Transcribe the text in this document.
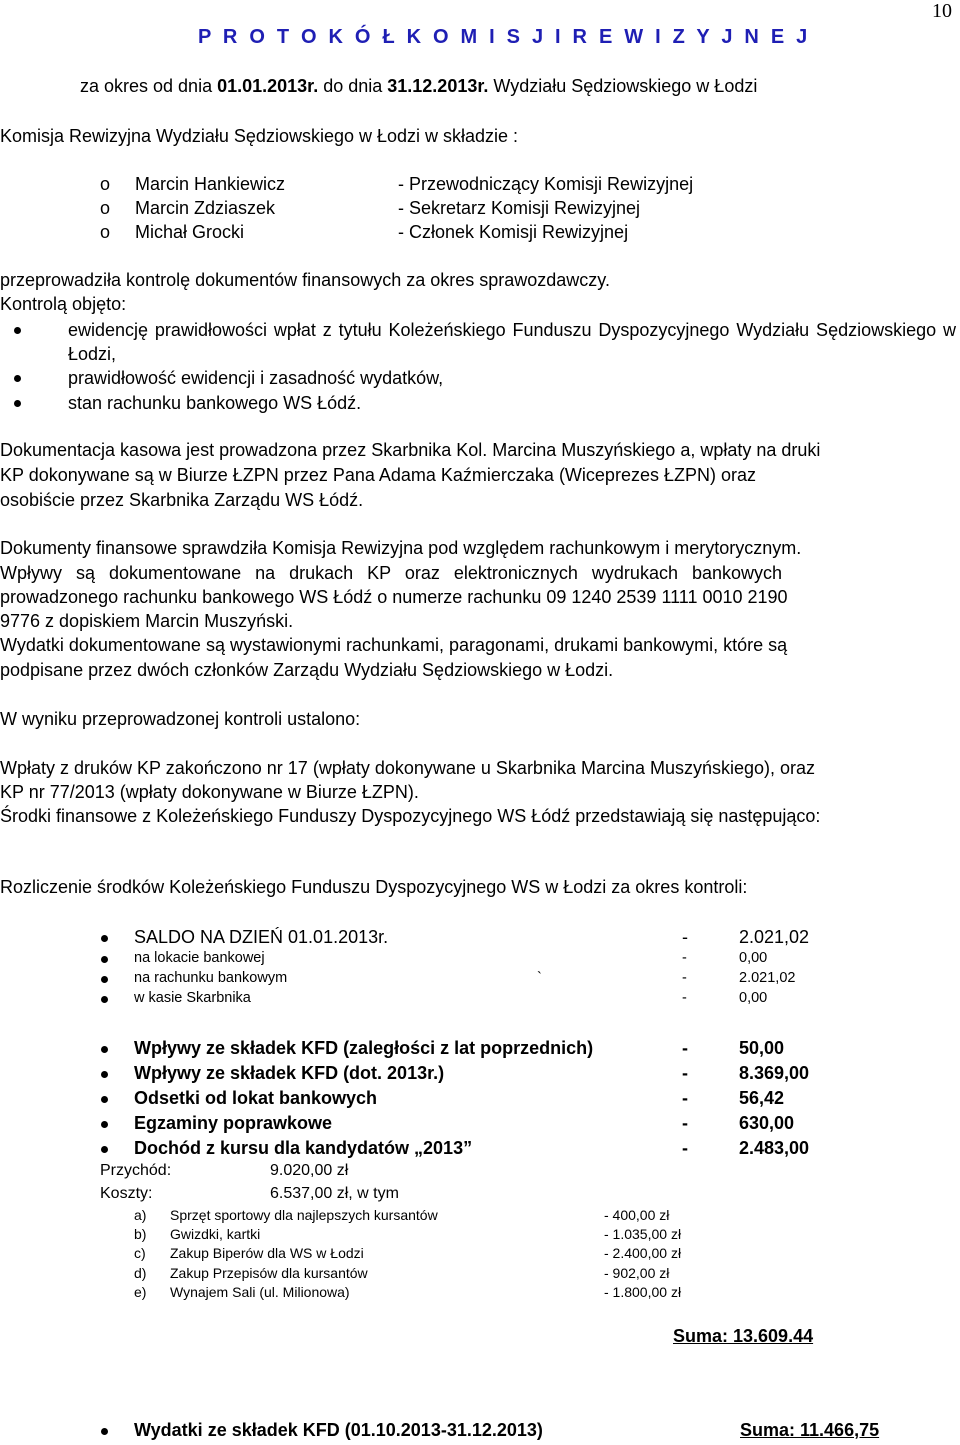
10
P R O T O K Ó Ł K O M I S J I R E W I Z Y J N E J
za okres od dnia 01.01.2013r. do dnia 31.12.2013r. Wydziału Sędziowskiego w Łodzi
Komisja Rewizyjna Wydziału Sędziowskiego w Łodzi w składzie :
o Marcin Hankiewicz	- Przewodniczący Komisji Rewizyjnej
o Marcin Zdziaszek	- Sekretarz Komisji Rewizyjnej
o Michał Grocki	- Członek Komisji Rewizyjnej
przeprowadziła kontrolę dokumentów finansowych za okres sprawozdawczy.
Kontrolą objęto:
ewidencję prawidłowości wpłat z tytułu Koleżeńskiego Funduszu Dyspozycyjnego Wydziału Sędziowskiego w Łodzi,
prawidłowość ewidencji i zasadność wydatków,
stan rachunku bankowego WS Łódź.
Dokumentacja kasowa jest prowadzona przez Skarbnika Kol. Marcina Muszyńskiego a, wpłaty na druki
KP dokonywane są w Biurze ŁZPN przez Pana Adama Kaźmierczaka (Wiceprezes ŁZPN) oraz
osobiście przez Skarbnika Zarządu WS Łódź.
Dokumenty finansowe sprawdziła Komisja Rewizyjna pod względem rachunkowym i merytorycznym.
Wpływy są dokumentowane na drukach KP oraz elektronicznych wydrukach bankowych
prowadzonego rachunku bankowego WS Łódź o numerze rachunku 09 1240 2539 1111 0010 2190
9776 z dopiskiem Marcin Muszyński.
Wydatki dokumentowane są wystawionymi rachunkami, paragonami, drukami bankowymi, które są
podpisane przez dwóch członków Zarządu Wydziału Sędziowskiego w Łodzi.
W wyniku przeprowadzonej kontroli ustalono:
Wpłaty z druków KP zakończono nr 17 (wpłaty dokonywane u Skarbnika Marcina Muszyńskiego), oraz
KP nr 77/2013 (wpłaty dokonywane w Biurze ŁZPN).
Środki finansowe z Koleżeńskiego Funduszy Dyspozycyjnego WS Łódź przedstawiają się następująco:
Rozliczenie środków Koleżeńskiego Funduszu Dyspozycyjnego WS w Łodzi za okres kontroli:
SALDO NA DZIEŃ 01.01.2013r.	-	2.021,02
na lokacie bankowej	-	0,00
na rachunku bankowym	`	-	2.021,02
w kasie Skarbnika	-	0,00
Wpływy ze składek KFD (zaległości z lat poprzednich)	-	50,00
Wpływy ze składek KFD (dot. 2013r.)	-	8.369,00
Odsetki od lokat bankowych	-	56,42
Egzaminy poprawkowe	-	630,00
Dochód z kursu dla kandydatów „2013”	-	2.483,00
Przychód:	9.020,00 zł
Koszty:	6.537,00 zł, w tym
a) Sprzęt sportowy dla najlepszych kursantów	- 400,00 zł
b) Gwizdki, kartki	- 1.035,00 zł
c) Zakup Biperów dla WS w Łodzi	- 2.400,00 zł
d) Zakup Przepisów dla kursantów	- 902,00 zł
e) Wynajem Sali (ul. Milionowa)	- 1.800,00 zł
Suma: 13.609.44
Wydatki ze składek KFD (01.10.2013-31.12.2013)	Suma: 11.466,75
